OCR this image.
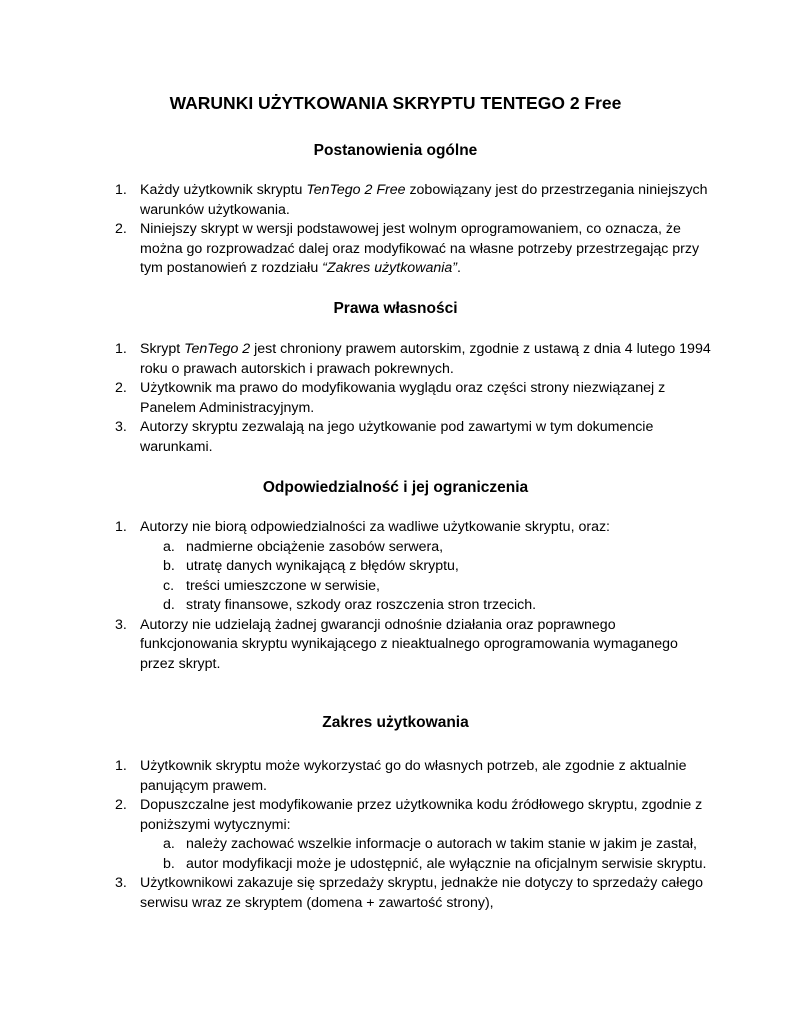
WARUNKI UŻYTKOWANIA SKRYPTU TENTEGO 2 Free
Postanowienia ogólne
1. Każdy użytkownik skryptu TenTego 2 Free zobowiązany jest do przestrzegania niniejszych warunków użytkowania.
2. Niniejszy skrypt w wersji podstawowej jest wolnym oprogramowaniem, co oznacza, że można go rozprowadzać dalej oraz modyfikować na własne potrzeby przestrzegając przy tym postanowień z rozdziału “Zakres użytkowania”.
Prawa własności
1. Skrypt TenTego 2 jest chroniony prawem autorskim, zgodnie z ustawą z dnia 4 lutego 1994 roku o prawach autorskich i prawach pokrewnych.
2. Użytkownik ma prawo do modyfikowania wyglądu oraz części strony niezwiązanej z Panelem Administracyjnym.
3. Autorzy skryptu zezwalają na jego użytkowanie pod zawartymi w tym dokumencie warunkami.
Odpowiedzialność i jej ograniczenia
1. Autorzy nie biorą odpowiedzialności za wadliwe użytkowanie skryptu, oraz:
a. nadmierne obciążenie zasobów serwera,
b. utratę danych wynikającą z błędów skryptu,
c. treści umieszczone w serwisie,
d. straty finansowe, szkody oraz roszczenia stron trzecich.
3. Autorzy nie udzielają żadnej gwarancji odnośnie działania oraz poprawnego funkcjonowania skryptu wynikającego z nieaktualnego oprogramowania wymaganego przez skrypt.
Zakres użytkowania
1. Użytkownik skryptu może wykorzystać go do własnych potrzeb, ale zgodnie z aktualnie panującym prawem.
2. Dopuszczalne jest modyfikowanie przez użytkownika kodu źródłowego skryptu, zgodnie z poniższymi wytycznymi:
a. należy zachować wszelkie informacje o autorach w takim stanie w jakim je zastał,
b. autor modyfikacji może je udostępnić, ale wyłącznie na oficjalnym serwisie skryptu.
3. Użytkownikowi zakazuje się sprzedaży skryptu, jednakże nie dotyczy to sprzedaży całego serwisu wraz ze skryptem (domena + zawartość strony),
